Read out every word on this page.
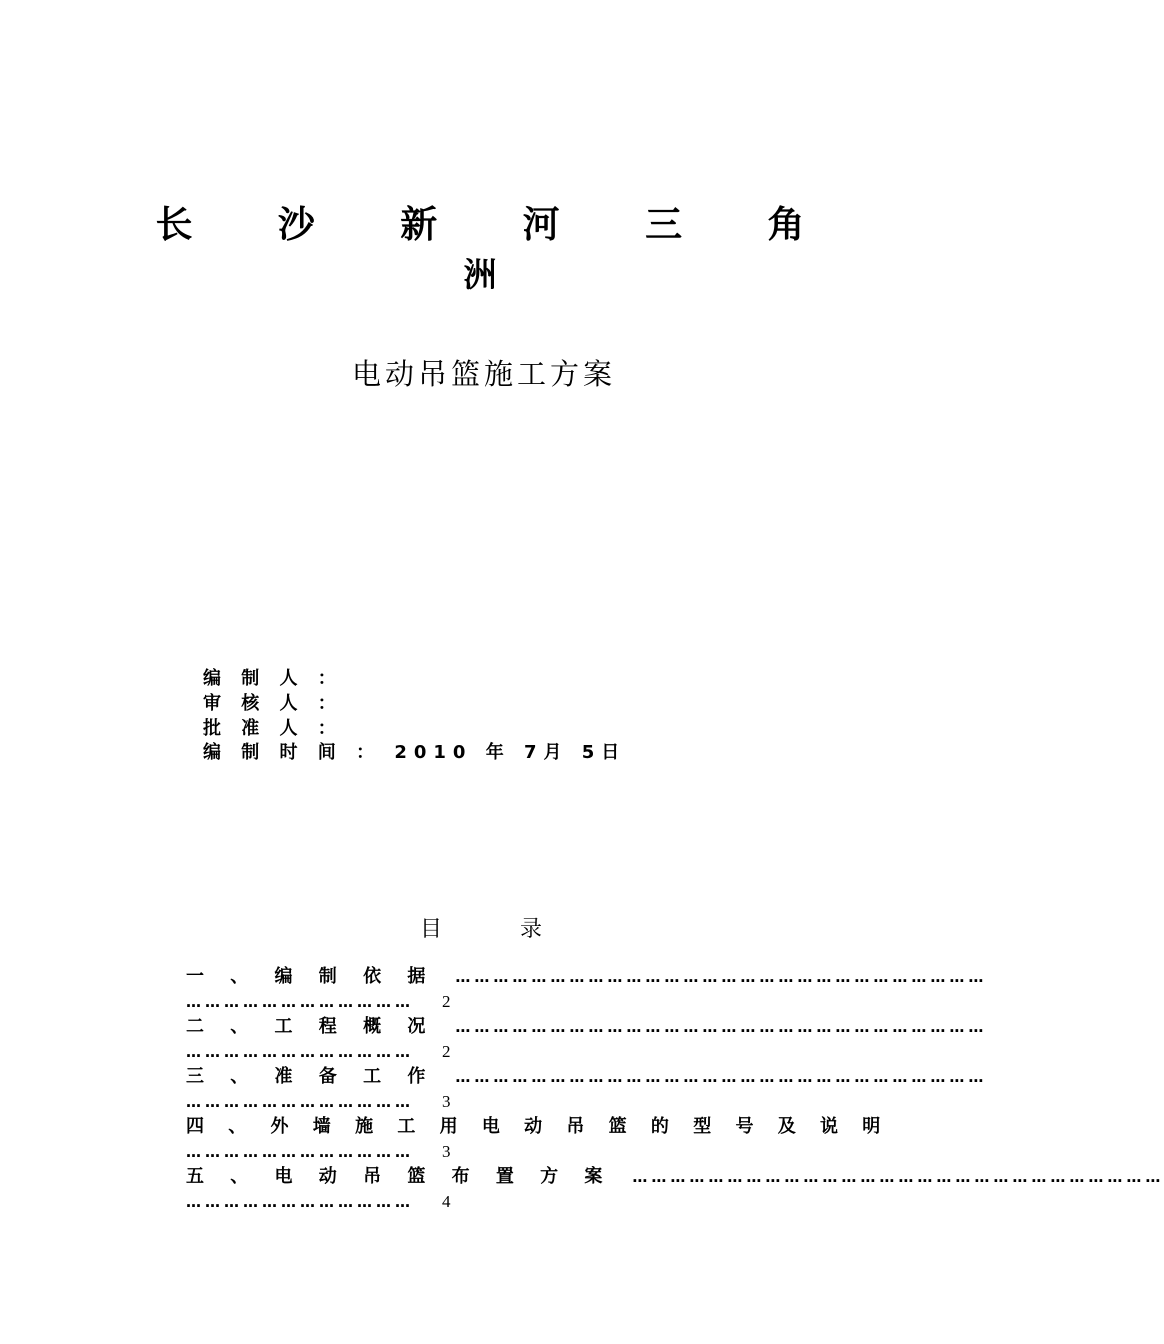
长 沙 新 河 三 角
洲
电动吊篮施工方案
编 制 人 ：
审 核 人 ：
批 准 人 ：
编 制 时 间 ： 2010 年 7月 5日
目	录
一 、 编 制 依 据 …………………………………………………………………………
……………………………… 2
二 、 工 程 概 况 …………………………………………………………………………
……………………………… 2
三 、 准 备 工 作 …………………………………………………………………………
……………………………… 3
四 、 外 墙 施 工 用 电 动 吊 篮 的 型 号 及 说 明
……………………………… 3
五 、 电 动 吊 篮 布 置 方 案 …………………………………………………………………………
……………………………… 4
